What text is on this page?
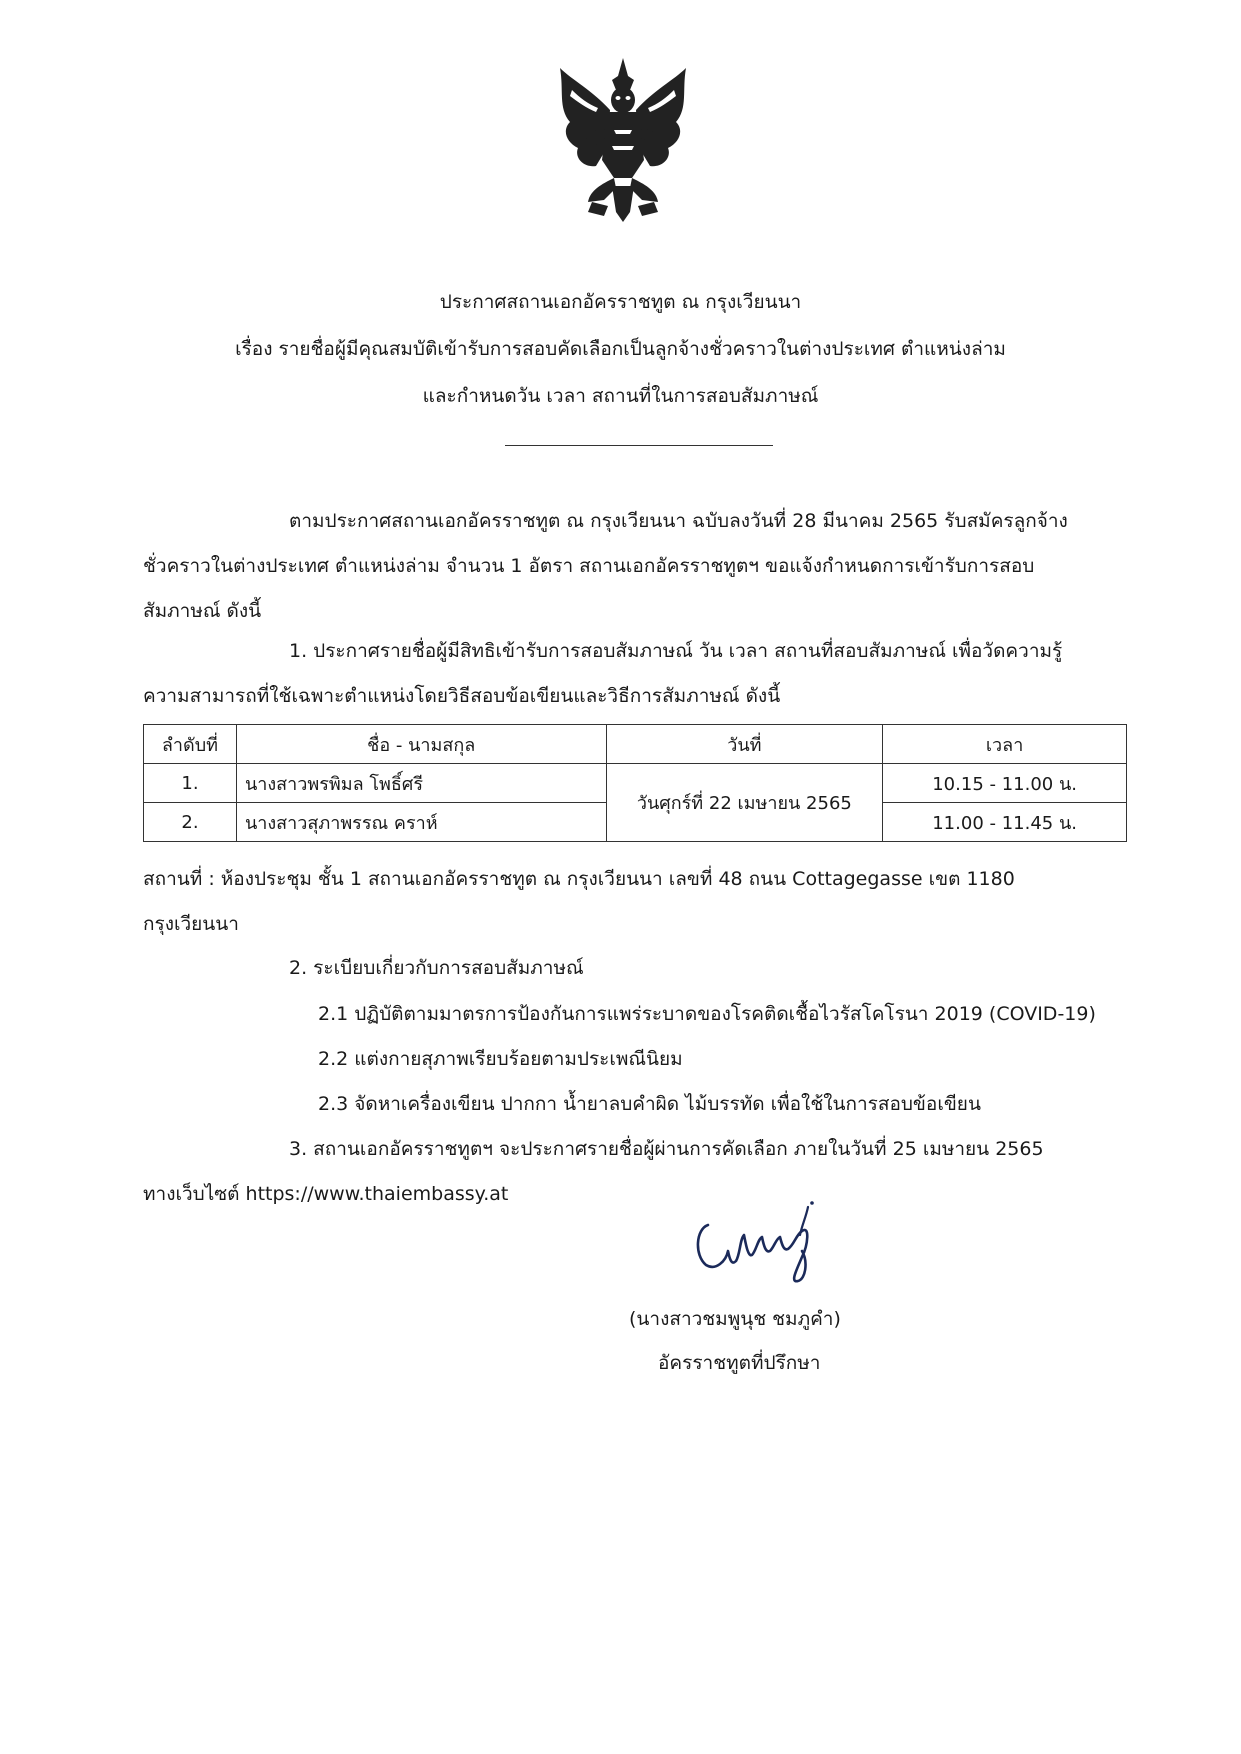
ประกาศสถานเอกอัครราชทูต ณ กรุงเวียนนา
เรื่อง รายชื่อผู้มีคุณสมบัติเข้ารับการสอบคัดเลือกเป็นลูกจ้างชั่วคราวในต่างประเทศ ตำแหน่งล่าม
และกำหนดวัน เวลา สถานที่ในการสอบสัมภาษณ์
ตามประกาศสถานเอกอัครราชทูต ณ กรุงเวียนนา ฉบับลงวันที่ 28 มีนาคม 2565 รับสมัครลูกจ้าง
ชั่วคราวในต่างประเทศ ตำแหน่งล่าม จำนวน 1 อัตรา สถานเอกอัครราชทูตฯ ขอแจ้งกำหนดการเข้ารับการสอบ
สัมภาษณ์ ดังนี้
1. ประกาศรายชื่อผู้มีสิทธิเข้ารับการสอบสัมภาษณ์ วัน เวลา สถานที่สอบสัมภาษณ์ เพื่อวัดความรู้
ความสามารถที่ใช้เฉพาะตำแหน่งโดยวิธีสอบข้อเขียนและวิธีการสัมภาษณ์ ดังนี้
ลำดับที่	ชื่อ - นามสกุล	วันที่	เวลา
1.	นางสาวพรพิมล โพธิ์ศรี	วันศุกร์ที่ 22 เมษายน 2565	10.15 - 11.00 น.
2.	นางสาวสุภาพรรณ คราห์		11.00 - 11.45 น.
สถานที่ : ห้องประชุม ชั้น 1 สถานเอกอัครราชทูต ณ กรุงเวียนนา เลขที่ 48 ถนน Cottagegasse เขต 1180
กรุงเวียนนา
2. ระเบียบเกี่ยวกับการสอบสัมภาษณ์
2.1 ปฏิบัติตามมาตรการป้องกันการแพร่ระบาดของโรคติดเชื้อไวรัสโคโรนา 2019 (COVID-19)
2.2 แต่งกายสุภาพเรียบร้อยตามประเพณีนิยม
2.3 จัดหาเครื่องเขียน ปากกา น้ำยาลบคำผิด ไม้บรรทัด เพื่อใช้ในการสอบข้อเขียน
3. สถานเอกอัครราชทูตฯ จะประกาศรายชื่อผู้ผ่านการคัดเลือก ภายในวันที่ 25 เมษายน 2565
ทางเว็บไซต์ https://www.thaiembassy.at
(นางสาวชมพูนุช ชมภูคำ)
อัครราชทูตที่ปรึกษา
